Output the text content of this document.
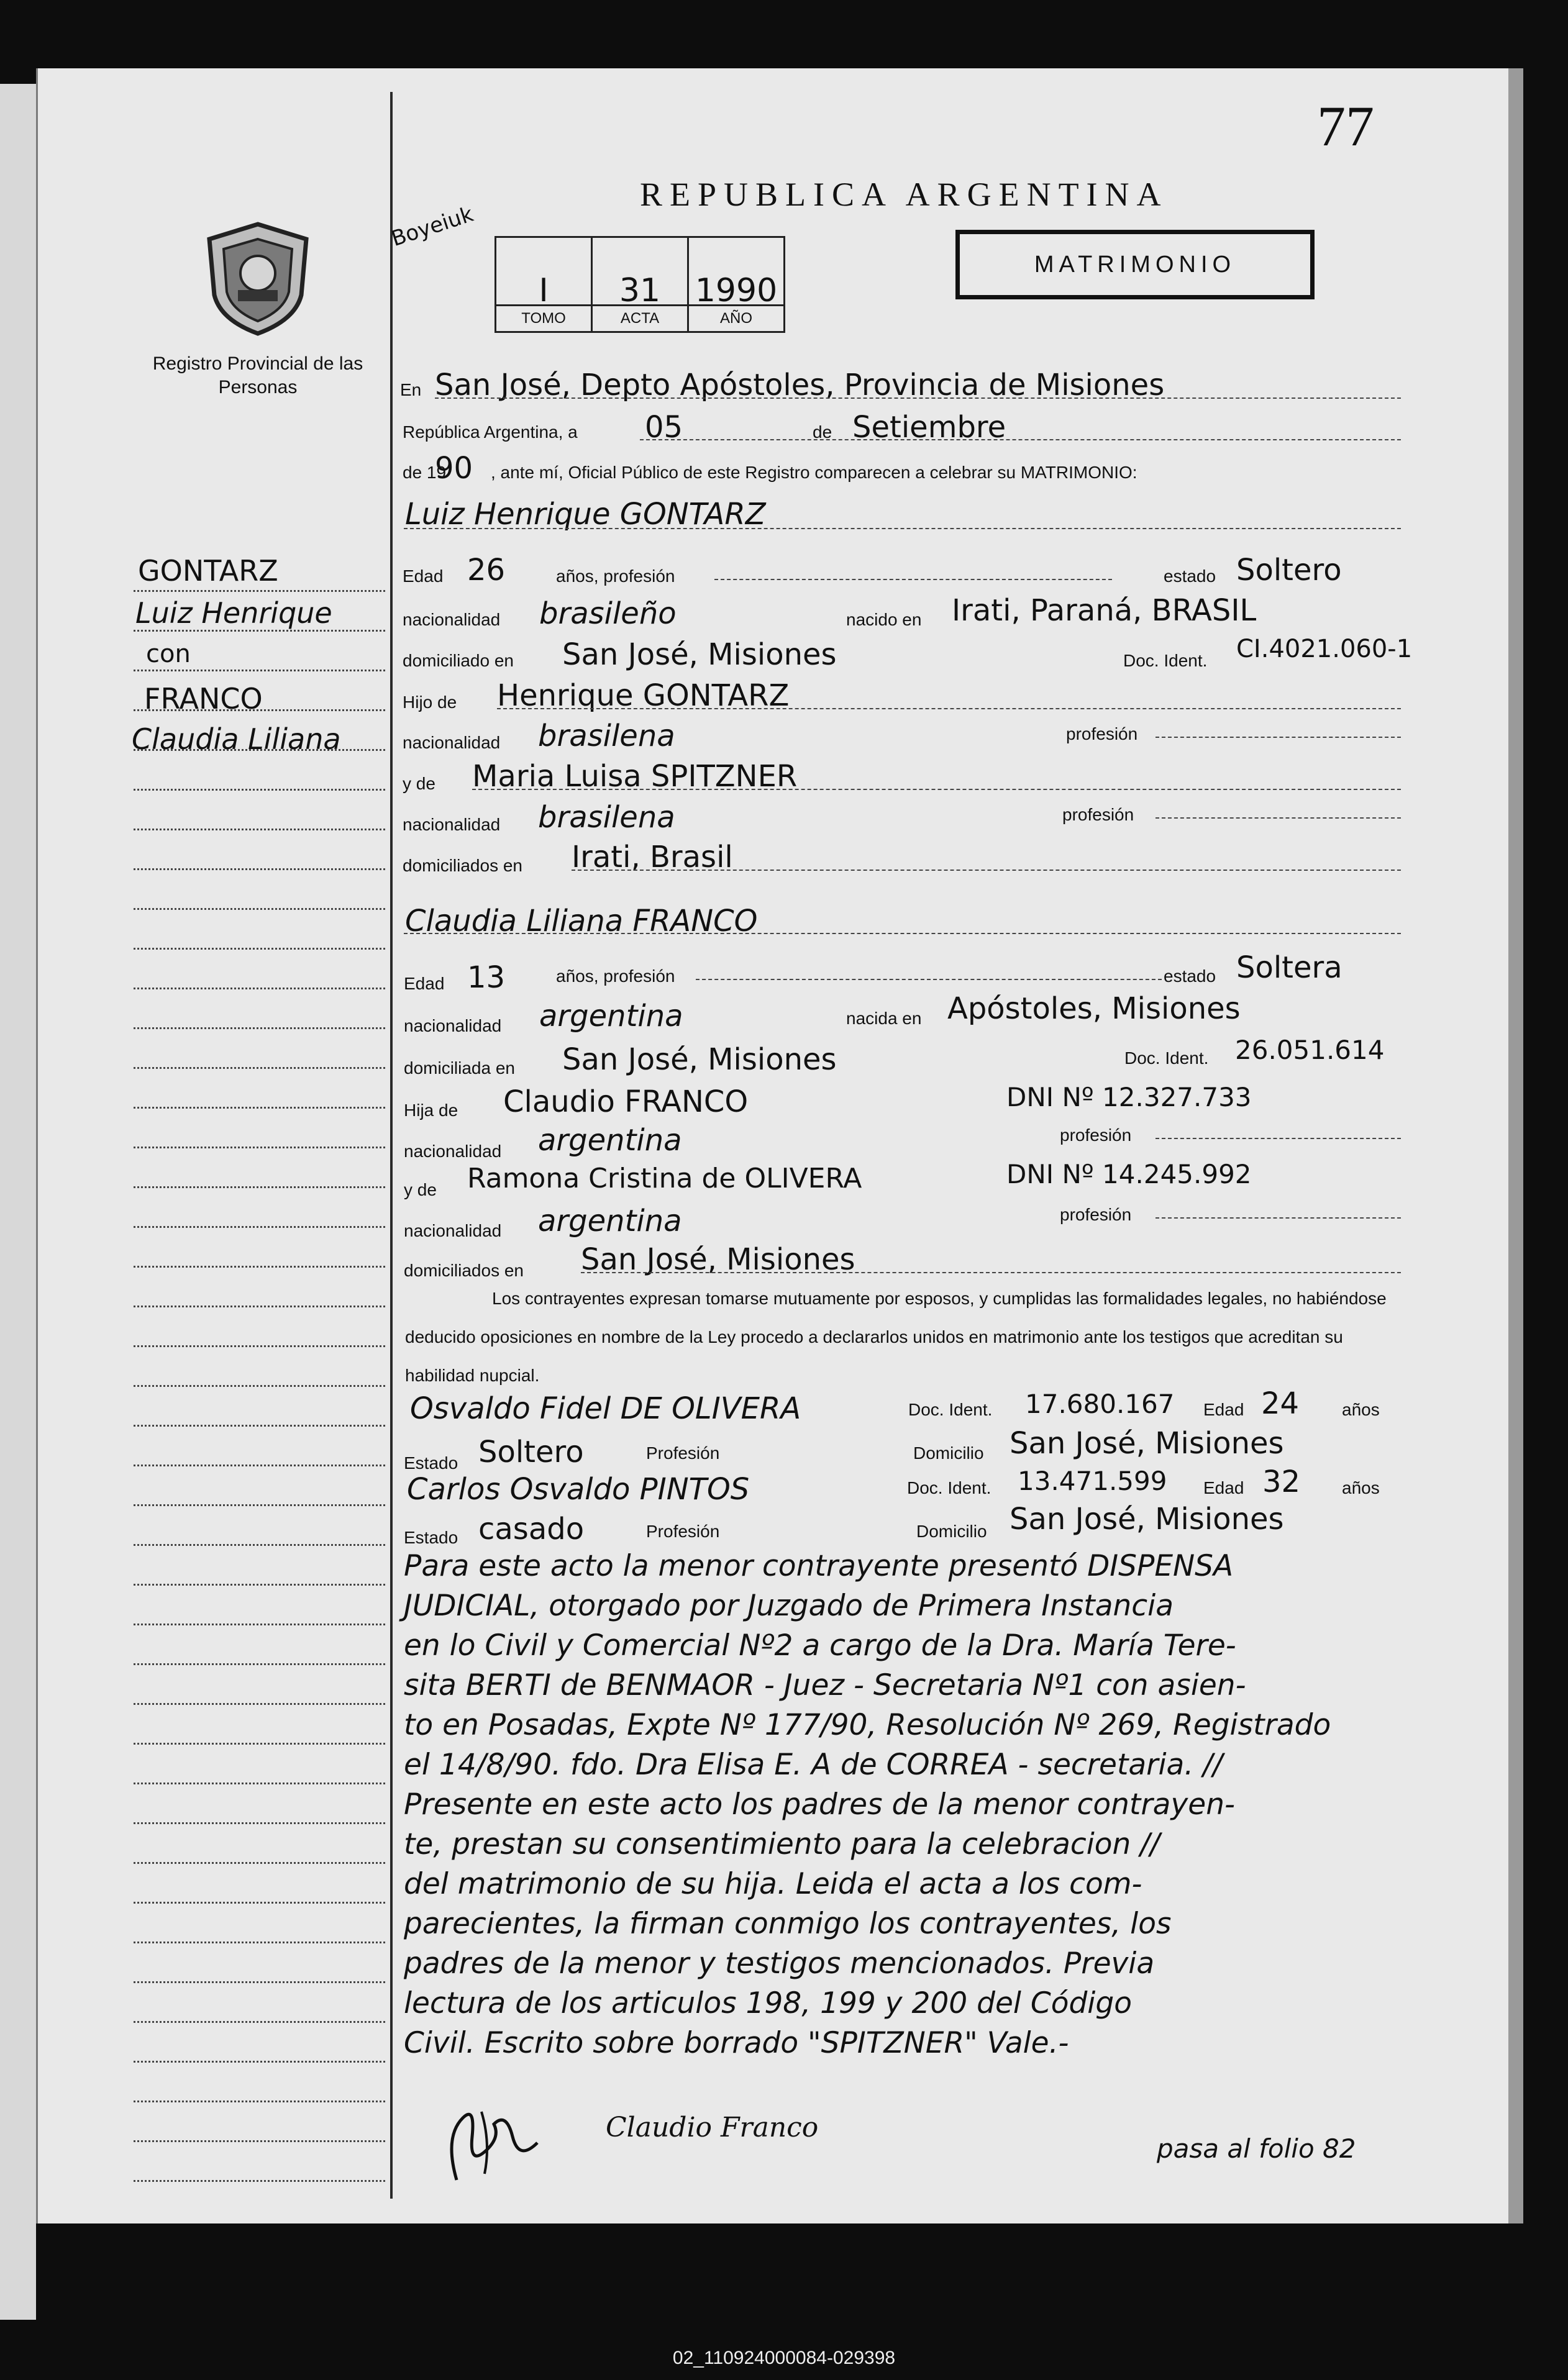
77
REPUBLICA ARGENTINA
MATRIMONIO
Boyeiuk
I
TOMO
31
ACTA
1990
AÑO
Registro Provincial de las Personas
GONTARZ
Luiz Henrique
con
FRANCO
Claudia Liliana
En San José, Depto Apóstoles, Provincia de Misiones
República Argentina, a 05	de Setiembre
de 19
90 , ante mí, Oficial Público de este Registro comparecen a celebrar su MATRIMONIO:
Luiz Henrique GONTARZ
Edad 26	años, profesión	estado Soltero
nacionalidad brasileño	nacido en Irati, Paraná, BRASIL
domiciliado en San José, Misiones	Doc. Ident. CI.4021.060-1
Hijo de Henrique GONTARZ
nacionalidad brasilena	profesión
y de Maria Luisa SPITZNER
nacionalidad brasilena	profesión
domiciliados en Irati, Brasil
Claudia Liliana FRANCO
Edad 13	años, profesión	estado Soltera
nacionalidad argentina	nacida en Apóstoles, Misiones
domiciliada en San José, Misiones	Doc. Ident. 26.051.614
Hija de Claudio FRANCO	DNI Nº 12.327.733
nacionalidad argentina	profesión
y de Ramona Cristina de OLIVERA	DNI Nº 14.245.992
nacionalidad argentina	profesión
domiciliados en San José, Misiones
Los contrayentes expresan tomarse mutuamente por esposos, y cumplidas las formalidades legales, no habiéndose deducido oposiciones en nombre de la Ley procedo a declararlos unidos en matrimonio ante los testigos que acreditan su habilidad nupcial.
Osvaldo Fidel DE OLIVERA	Doc. Ident. 17.680.167 Edad 24 años
Estado Soltero	Profesión	Domicilio San José, Misiones
Carlos Osvaldo PINTOS	Doc. Ident. 13.471.599 Edad 32 años
Estado casado	Profesión	Domicilio San José, Misiones
Para este acto la menor contrayente presentó DISPENSA
JUDICIAL, otorgado por Juzgado de Primera Instancia
en lo Civil y Comercial Nº2 a cargo de la Dra. María Tere-
sita BERTI de BENMAOR - Juez - Secretaria Nº1 con asien-
to en Posadas, Expte Nº 177/90, Resolución Nº 269, Registrado
el 14/8/90. fdo. Dra Elisa E. A de CORREA - secretaria. //
Presente en este acto los padres de la menor contrayen-
te, prestan su consentimiento para la celebracion //
del matrimonio de su hija. Leida el acta a los com-
parecientes, la firman conmigo los contrayentes, los
padres de la menor y testigos mencionados. Previa
lectura de los articulos 198, 199 y 200 del Código
Civil. Escrito sobre borrado "SPITZNER" Vale.-
Claudio Franco
pasa al folio 82
02_110924000084-029398
